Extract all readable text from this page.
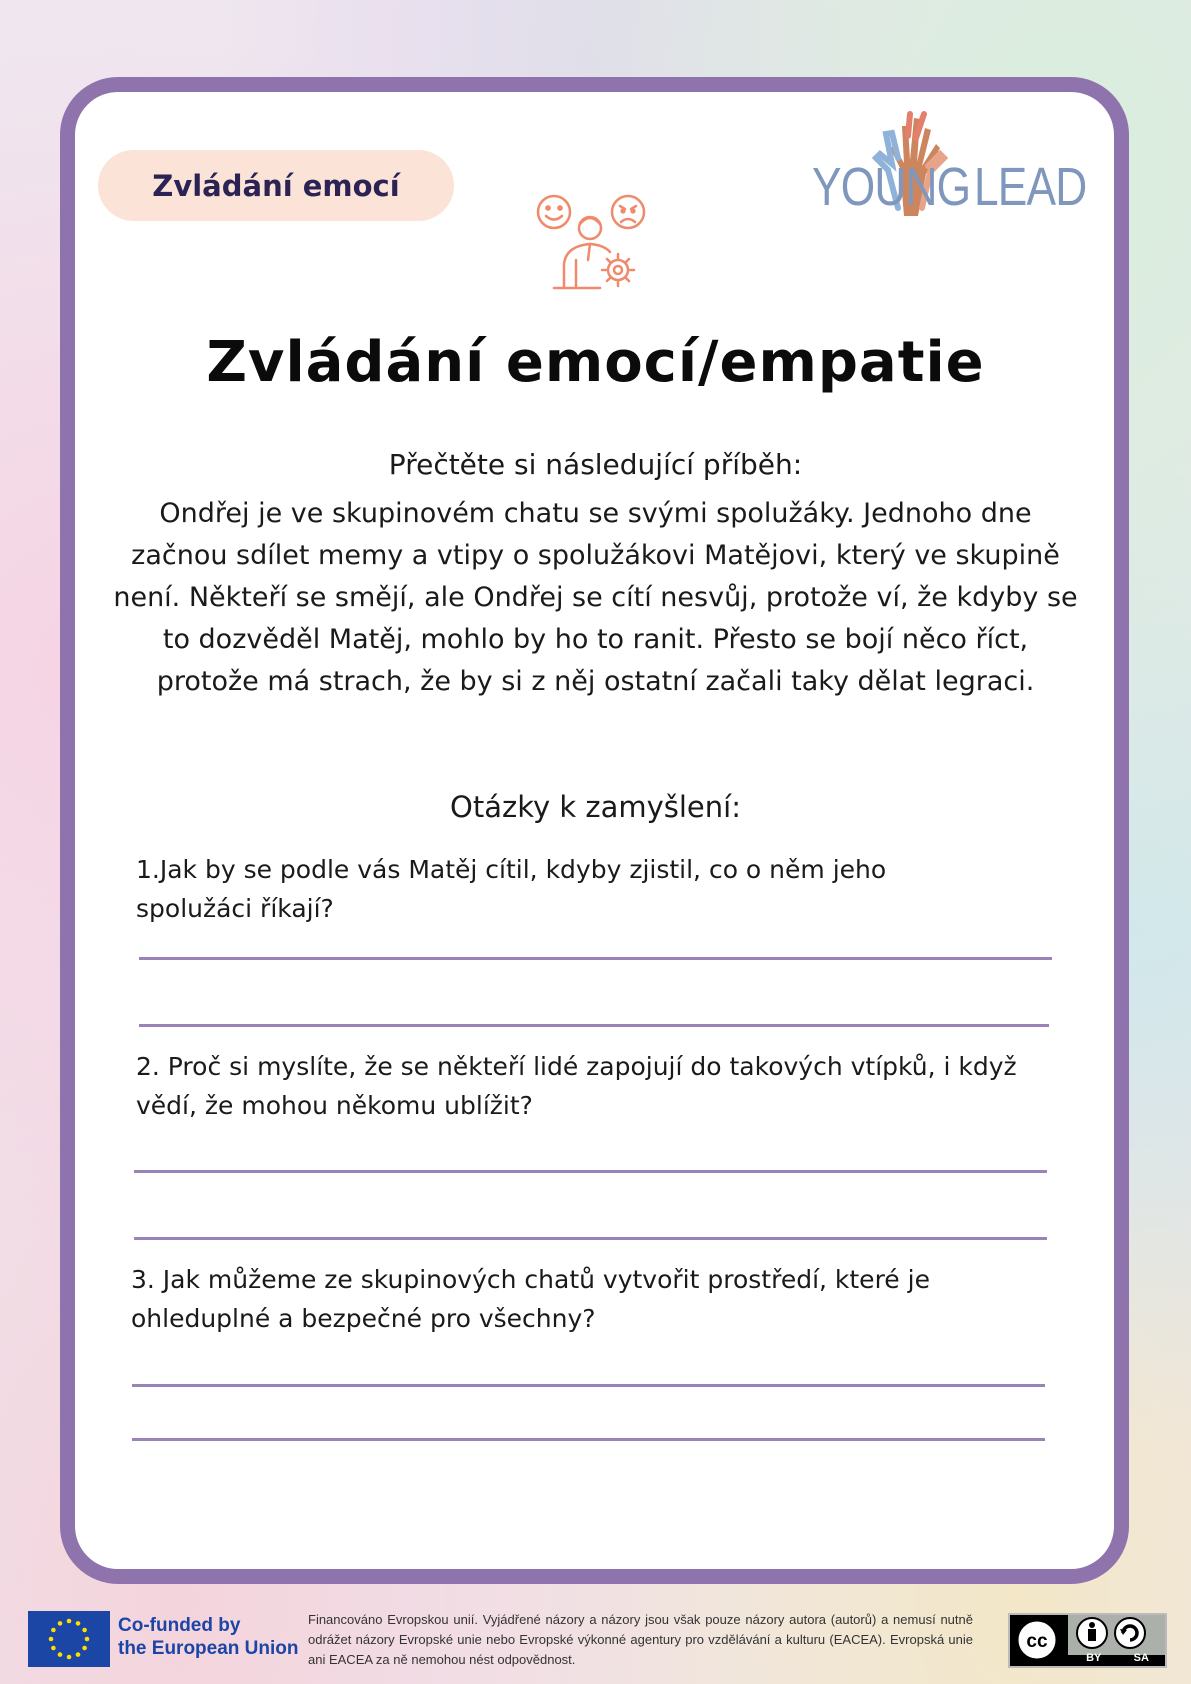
Zvládání emocí	YOUNG LEAD
Zvládání emocí/empatie
Přečtěte si následující příběh:

Ondřej je ve skupinovém chatu se svými spolužáky. Jednoho dne začnou sdílet memy a vtipy o spolužákovi Matějovi, který ve skupině není. Někteří se smějí, ale Ondřej se cítí nesvůj, protože ví, že kdyby se to dozvěděl Matěj, mohlo by ho to ranit. Přesto se bojí něco říct, protože má strach, že by si z něj ostatní začali taky dělat legraci.

Otázky k zamyšlení:

1.Jak by se podle vás Matěj cítil, kdyby zjistil, co o něm jeho spolužáci říkají?

2. Proč si myslíte, že se někteří lidé zapojují do takových vtípků, i když vědí, že mohou někomu ublížit?

3. Jak můžeme ze skupinových chatů vytvořit prostředí, které je ohleduplné a bezpečné pro všechny?

Co-funded by
the European Union
Financováno Evropskou unií. Vyjádřené názory a názory jsou však pouze názory autora (autorů) a nemusí nutně odrážet názory Evropské unie nebo Evropské výkonné agentury pro vzdělávání a kulturu (EACEA). Evropská unie ani EACEA za ně nemohou nést odpovědnost.
cc
BY	SA
